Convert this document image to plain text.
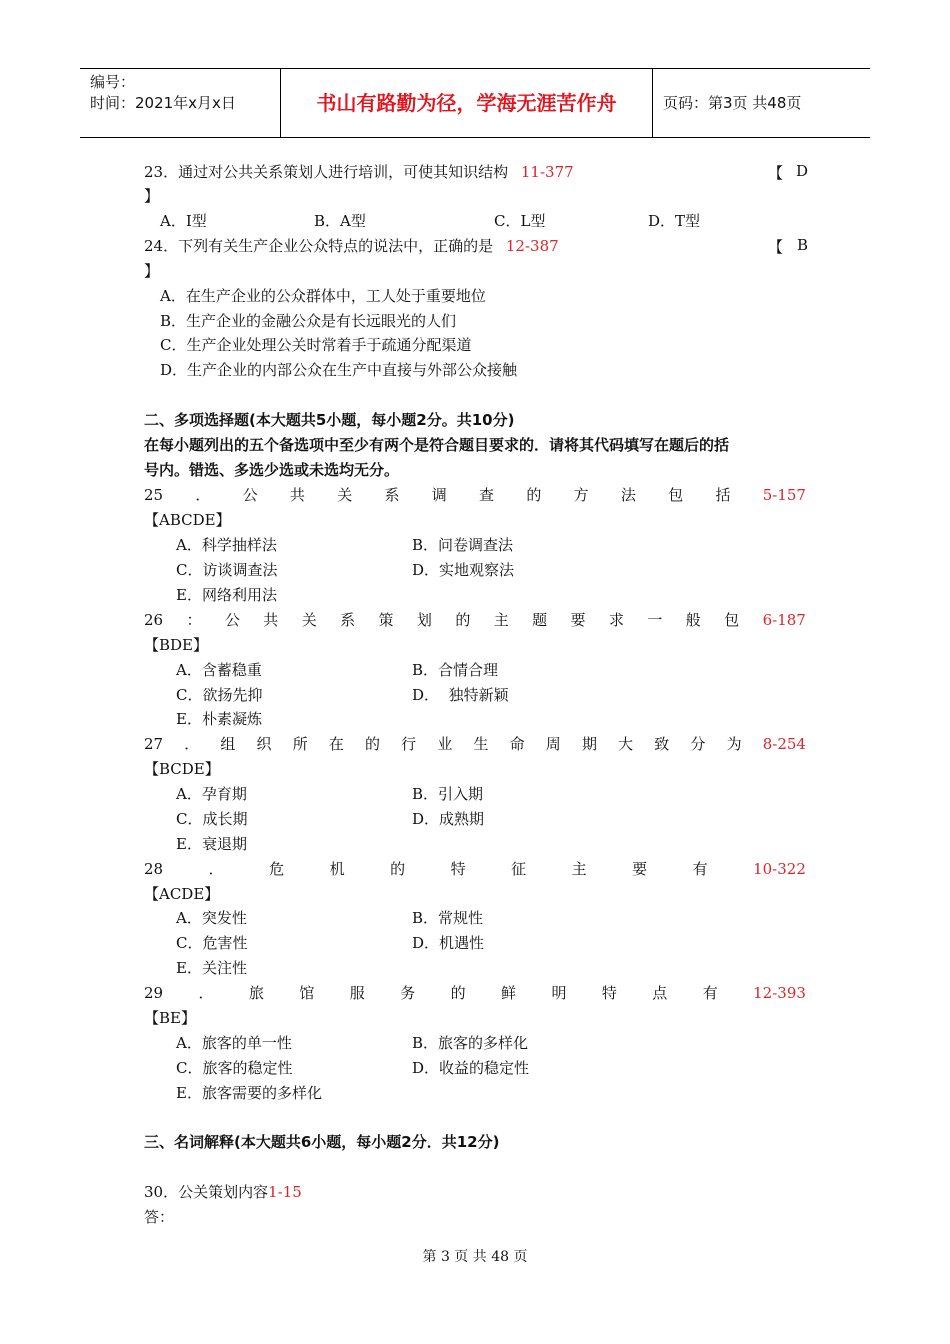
编号：
时间：2021年x月x日	书山有路勤为径，学海无涯苦作舟	页码：第3页 共48页
23．通过对公共关系策划人进行培训，可使其知识结构 11-377	【 D
】
A．I型	B．A型	C．L型	D．T型
24．下列有关生产企业公众特点的说法中，正确的是 12-387	【 B
】
A．在生产企业的公众群体中，工人处于重要地位
B．生产企业的金融公众是有长远眼光的人们
C．生产企业处理公关时常着手于疏通分配渠道
D．生产企业的内部公众在生产中直接与外部公众接触
二、多项选择题(本大题共5小题，每小题2分。共10分)
在每小题列出的五个备选项中至少有两个是符合题目要求的．请将其代码填写在题后的括
号内。错选、多选少选或未选均无分。
25 ． 公 共 关 系 调 查 的 方 法 包 括 5-157
【ABCDE】
A．科学抽样法	B．问卷调查法
C．访谈调查法	D．实地观察法
E．网络利用法
26 ： 公 共 关 系 策 划 的 主 题 要 求 一 般 包 6-187
【BDE】
A．含蓄稳重	B．合情合理
C．欲扬先抑	D．  独特新颖
E．朴素凝炼
27 ． 组 织 所 在 的 行 业 生 命 周 期 大 致 分 为 8-254
【BCDE】
A．孕育期	B．引入期
C．成长期	D．成熟期
E．衰退期
28	．	危	机	的	特	征	主	要	有	10-322
【ACDE】
A．突发性	B．常规性
C．危害性	D．机遇性
E．关注性
29 ． 旅 馆 服 务 的 鲜 明 特 点 有 12-393
【BE】
A．旅客的单一性	B．旅客的多样化
C．旅客的稳定性	D．收益的稳定性
E．旅客需要的多样化
三、名词解释(本大题共6小题，每小题2分．共12分)
30．公关策划内容1-15
答：
第 3 页 共 48 页
